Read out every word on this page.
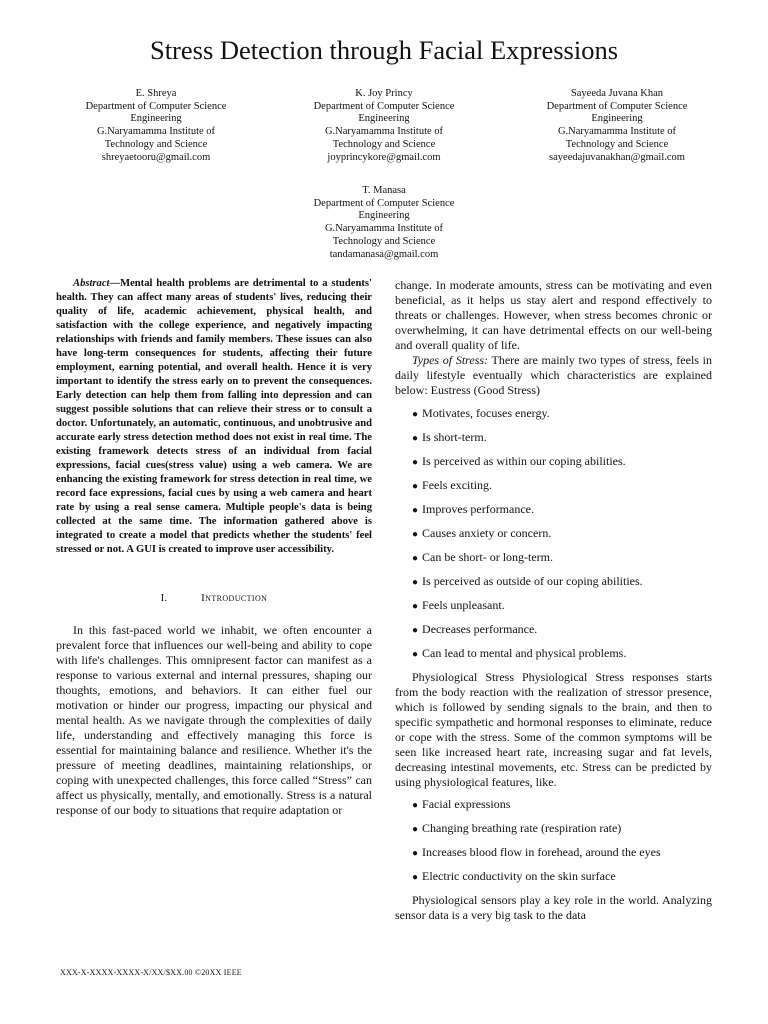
Stress Detection through Facial Expressions
E. Shreya
Department of Computer Science
Engineering
G.Naryamamma Institute of
Technology and Science
shreyaetooru@gmail.com
K. Joy Princy
Department of Computer Science
Engineering
G.Naryamamma Institute of
Technology and Science
joyprincykore@gmail.com
Sayeeda Juvana Khan
Department of Computer Science
Engineering
G.Naryamamma Institute of
Technology and Science
sayeedajuvanakhan@gmail.com
T. Manasa
Department of Computer Science
Engineering
G.Naryamamma Institute of
Technology and Science
tandamanasa@gmail.com

Abstract—Mental health problems are detrimental to a students' health. They can affect many areas of students' lives, reducing their quality of life, academic achievement, physical health, and satisfaction with the college experience, and negatively impacting relationships with friends and family members. These issues can also have long-term consequences for students, affecting their future employment, earning potential, and overall health. Hence it is very important to identify the stress early on to prevent the consequences. Early detection can help them from falling into depression and can suggest possible solutions that can relieve their stress or to consult a doctor. Unfortunately, an automatic, continuous, and unobtrusive and accurate early stress detection method does not exist in real time. The existing framework detects stress of an individual from facial expressions, facial cues(stress value) using a web camera. We are enhancing the existing framework for stress detection in real time, we record face expressions, facial cues by using a web camera and heart rate by using a real sense camera. Multiple people's data is being collected at the same time. The information gathered above is integrated to create a model that predicts whether the students' feel stressed or not. A GUI is created to improve user accessibility.

I.	Introduction

In this fast-paced world we inhabit, we often encounter a prevalent force that influences our well-being and ability to cope with life's challenges. This omnipresent factor can manifest as a response to various external and internal pressures, shaping our thoughts, emotions, and behaviors. It can either fuel our motivation or hinder our progress, impacting our physical and mental health. As we navigate through the complexities of daily life, understanding and effectively managing this force is essential for maintaining balance and resilience. Whether it's the pressure of meeting deadlines, maintaining relationships, or coping with unexpected challenges, this force called “Stress” can affect us physically, mentally, and emotionally. Stress is a natural response of our body to situations that require adaptation or

change. In moderate amounts, stress can be motivating and even beneficial, as it helps us stay alert and respond effectively to threats or challenges. However, when stress becomes chronic or overwhelming, it can have detrimental effects on our well-being and overall quality of life.

Types of Stress: There are mainly two types of stress, feels in daily lifestyle eventually which characteristics are explained below: Eustress (Good Stress)

● Motivates, focuses energy.
● Is short-term.
● Is perceived as within our coping abilities.
● Feels exciting.
● Improves performance.
● Causes anxiety or concern.
● Can be short- or long-term.
● Is perceived as outside of our coping abilities.
● Feels unpleasant.
● Decreases performance.
● Can lead to mental and physical problems.

Physiological Stress Physiological Stress responses starts from the body reaction with the realization of stressor presence, which is followed by sending signals to the brain, and then to specific sympathetic and hormonal responses to eliminate, reduce or cope with the stress. Some of the common symptoms will be seen like increased heart rate, increasing sugar and fat levels, decreasing intestinal movements, etc. Stress can be predicted by using physiological features, like.

● Facial expressions
● Changing breathing rate (respiration rate)
● Increases blood flow in forehead, around the eyes
● Electric conductivity on the skin surface

Physiological sensors play a key role in the world. Analyzing sensor data is a very big task to the data

XXX-X-XXXX-XXXX-X/XX/$XX.00 ©20XX IEEE
